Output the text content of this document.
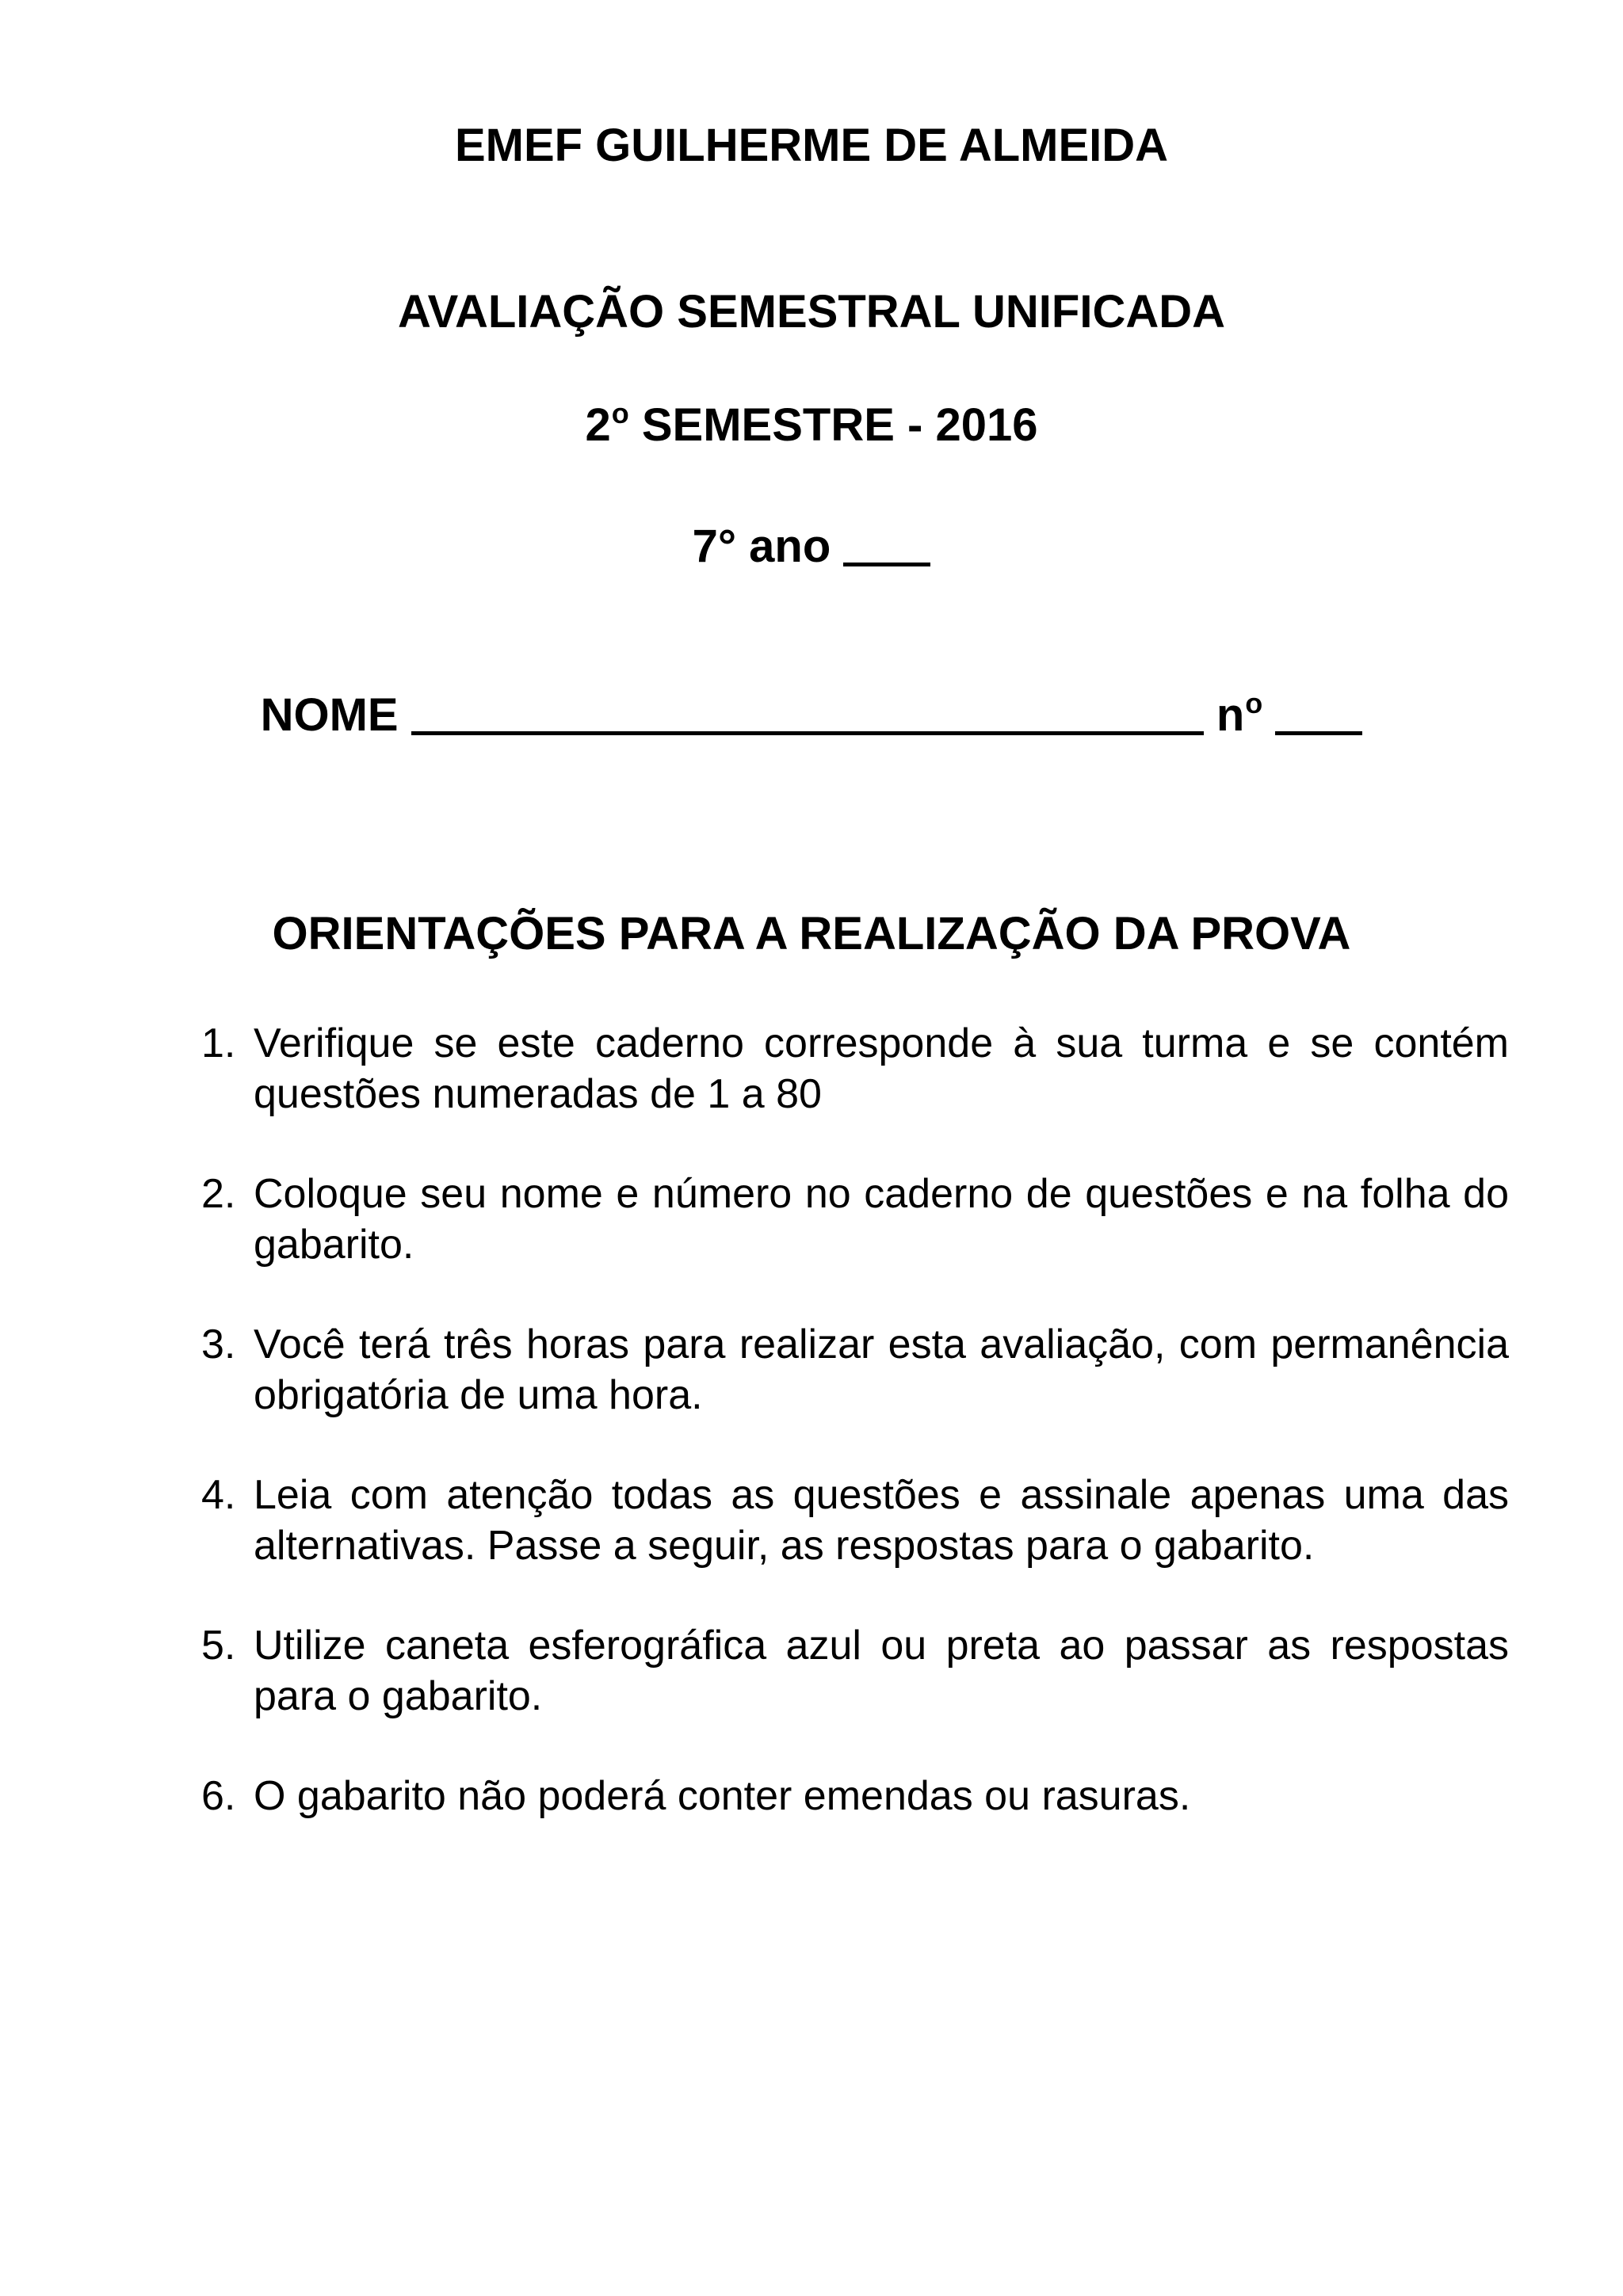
EMEF GUILHERME DE ALMEIDA
AVALIAÇÃO SEMESTRAL UNIFICADA
2$^o$ SEMESTRE - 2016
7° ano
NOME	$n^o$
ORIENTAÇÕES PARA A REALIZAÇÃO DA PROVA
1. Verifique se este caderno corresponde à sua turma e se contém questões numeradas de 1 a 80
2. Coloque seu nome e número no caderno de questões e na folha do gabarito.
3. Você terá três horas para realizar esta avaliação, com permanência obrigatória de uma hora.
4. Leia com atenção todas as questões e assinale apenas uma das alternativas. Passe a seguir, as respostas para o gabarito.
5. Utilize caneta esferográfica azul ou preta ao passar as respostas para o gabarito.
6. O gabarito não poderá conter emendas ou rasuras.
